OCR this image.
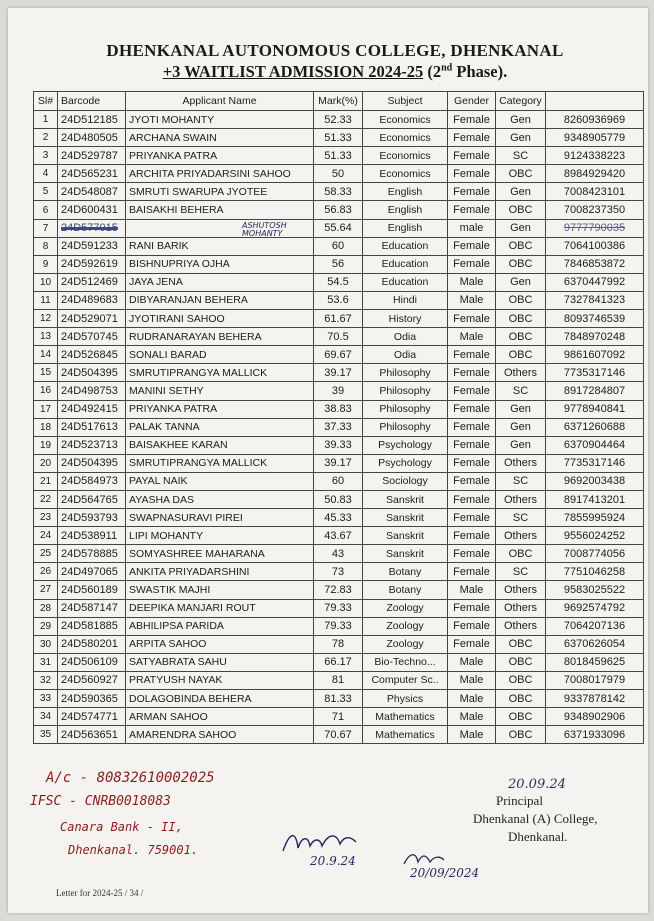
DHENKANAL AUTONOMOUS COLLEGE, DHENKANAL
+3 WAITLIST ADMISSION 2024-25 (2nd Phase).
Sl#	Barcode	Applicant Name	Mark(%)	Subject	Gender	Category	
1	24D512185	JYOTI MOHANTY	52.33	Economics	Female	Gen	8260936969
2	24D480505	ARCHANA SWAIN	51.33	Economics	Female	Gen	9348905779
3	24D529787	PRIYANKA PATRA	51.33	Economics	Female	SC	9124338223
4	24D565231	ARCHITA PRIYADARSINI SAHOO	50	Economics	Female	OBC	8984929420
5	24D548087	SMRUTI SWARUPA JYOTEE	58.33	English	Female	Gen	7008423101
6	24D600431	BAISAKHI BEHERA	56.83	English	Female	OBC	7008237350
7	24D577015		55.64	English	male	Gen	9777790035
8	24D591233	RANI BARIK	60	Education	Female	OBC	7064100386
9	24D592619	BISHNUPRIYA OJHA	56	Education	Female	OBC	7846853872
10	24D512469	JAYA JENA	54.5	Education	Male	Gen	6370447992
11	24D489683	DIBYARANJAN BEHERA	53.6	Hindi	Male	OBC	7327841323
12	24D529071	JYOTIRANI SAHOO	61.67	History	Female	OBC	8093746539
13	24D570745	RUDRANARAYAN BEHERA	70.5	Odia	Male	OBC	7848970248
14	24D526845	SONALI BARAD	69.67	Odia	Female	OBC	9861607092
15	24D504395	SMRUTIPRANGYA MALLICK	39.17	Philosophy	Female	Others	7735317146
16	24D498753	MANINI SETHY	39	Philosophy	Female	SC	8917284807
17	24D492415	PRIYANKA PATRA	38.83	Philosophy	Female	Gen	9778940841
18	24D517613	PALAK TANNA	37.33	Philosophy	Female	Gen	6371260688
19	24D523713	BAISAKHEE KARAN	39.33	Psychology	Female	Gen	6370904464
20	24D504395	SMRUTIPRANGYA MALLICK	39.17	Psychology	Female	Others	7735317146
21	24D584973	PAYAL NAIK	60	Sociology	Female	SC	9692003438
22	24D564765	AYASHA DAS	50.83	Sanskrit	Female	Others	8917413201
23	24D593793	SWAPNASURAVI PIREI	45.33	Sanskrit	Female	SC	7855995924
24	24D538911	LIPI MOHANTY	43.67	Sanskrit	Female	Others	9556024252
25	24D578885	SOMYASHREE MAHARANA	43	Sanskrit	Female	OBC	7008774056
26	24D497065	ANKITA PRIYADARSHINI	73	Botany	Female	SC	7751046258
27	24D560189	SWASTIK MAJHI	72.83	Botany	Male	Others	9583025522
28	24D587147	DEEPIKA MANJARI ROUT	79.33	Zoology	Female	Others	9692574792
29	24D581885	ABHILIPSA PARIDA	79.33	Zoology	Female	Others	7064207136
30	24D580201	ARPITA SAHOO	78	Zoology	Female	OBC	6370626054
31	24D506109	SATYABRATA SAHU	66.17	Bio-Techno...	Male	OBC	8018459625
32	24D560927	PRATYUSH NAYAK	81	Computer Sc..	Male	OBC	7008017979
33	24D590365	DOLAGOBINDA BEHERA	81.33	Physics	Male	OBC	9337878142
34	24D574771	ARMAN SAHOO	71	Mathematics	Male	OBC	9348902906
35	24D563651	AMARENDRA SAHOO	70.67	Mathematics	Male	OBC	6371933096
ASHUTOSH
MOHANTY
A/c - 80832610002025
IFSC - CNRB0018083
Canara Bank - II,
Dhenkanal. 759001.
20.09.24
Principal
Dhenkanal (A) College,
Dhenkanal.
20.9.24
20/09/2024
Letter for 2024-25 / 34 /
